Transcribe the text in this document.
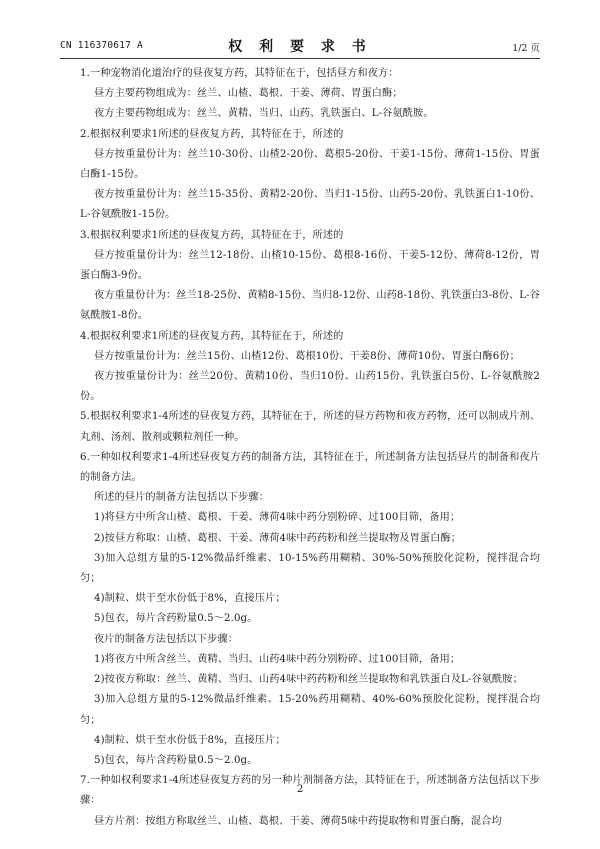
CN 116370617 A	权 利 要 求 书	1/2 页

1.一种宠物消化道治疗的昼夜复方药，其特征在于，包括昼方和夜方：

昼方主要药物组成为：丝兰、山楂、葛根、干姜、薄荷、胃蛋白酶；

夜方主要药物组成为：丝兰、黄精、当归、山药、乳铁蛋白、L-谷氨酰胺。

2.根据权利要求1所述的昼夜复方药，其特征在于，所述的

昼方按重量份计为：丝兰10-30份、山楂2-20份、葛根5-20份、干姜1-15份、薄荷1-15份、胃蛋白酶1-15份。

夜方按重量份计为：丝兰15-35份、黄精2-20份、当归1-15份、山药5-20份、乳铁蛋白1-10份、L-谷氨酰胺1-15份。

3.根据权利要求1所述的昼夜复方药，其特征在于，所述的

昼方按重量份计为：丝兰12-18份、山楂10-15份、葛根8-16份、干姜5-12份、薄荷8-12份，胃蛋白酶3-9份。

夜方重量份计为：丝兰18-25份、黄精8-15份、当归8-12份、山药8-18份、乳铁蛋白3-8份、L-谷氨酰胺1-8份。

4.根据权利要求1所述的昼夜复方药，其特征在于，所述的

昼方按重量份计为：丝兰15份、山楂12份、葛根10份、干姜8份、薄荷10份、胃蛋白酶6份；

夜方按重量份计为：丝兰20份、黄精10份、当归10份、山药15份、乳铁蛋白5份、L-谷氨酰胺2份。

5.根据权利要求1-4所述的昼夜复方药，其特征在于，所述的昼方药物和夜方药物，还可以制成片剂、丸剂、汤剂、散剂或颗粒剂任一种。

6.一种如权利要求1-4所述昼夜复方药的制备方法，其特征在于，所述制备方法包括昼片的制备和夜片的制备方法。

所述的昼片的制备方法包括以下步骤：

1)将昼方中所含山楂、葛根、干姜、薄荷4味中药分别粉碎、过100目筛，备用；

2)按昼方称取：山楂、葛根、干姜、薄荷4味中药药粉和丝兰提取物及胃蛋白酶；

3)加入总组方量的5-12%微晶纤维素、10-15%药用糊精、30%-50%预胶化淀粉，搅拌混合均匀；

4)制粒、烘干至水份低于8%，直接压片；

5)包衣，每片含药粉量0.5～2.0g。

夜片的制备方法包括以下步骤：

1)将夜方中所含丝兰、黄精、当归、山药4味中药分别粉碎、过100目筛，备用；

2)按夜方称取：丝兰、黄精、当归、山药4味中药药粉和丝兰提取物和乳铁蛋白及L-谷氨酰胺；

3)加入总组方量的5-12%微晶纤维素、15-20%药用糊精、40%-60%预胶化淀粉，搅拌混合均匀；

4)制粒、烘干至水份低于8%，直接压片；

5)包衣，每片含药粉量0.5～2.0g。

7.一种如权利要求1-4所述昼夜复方药的另一种片剂制备方法，其特征在于，所述制备方法包括以下步骤：

昼方片剂：按组方称取丝兰、山楂、葛根、干姜、薄荷5味中药提取物和胃蛋白酶，混合均

2
